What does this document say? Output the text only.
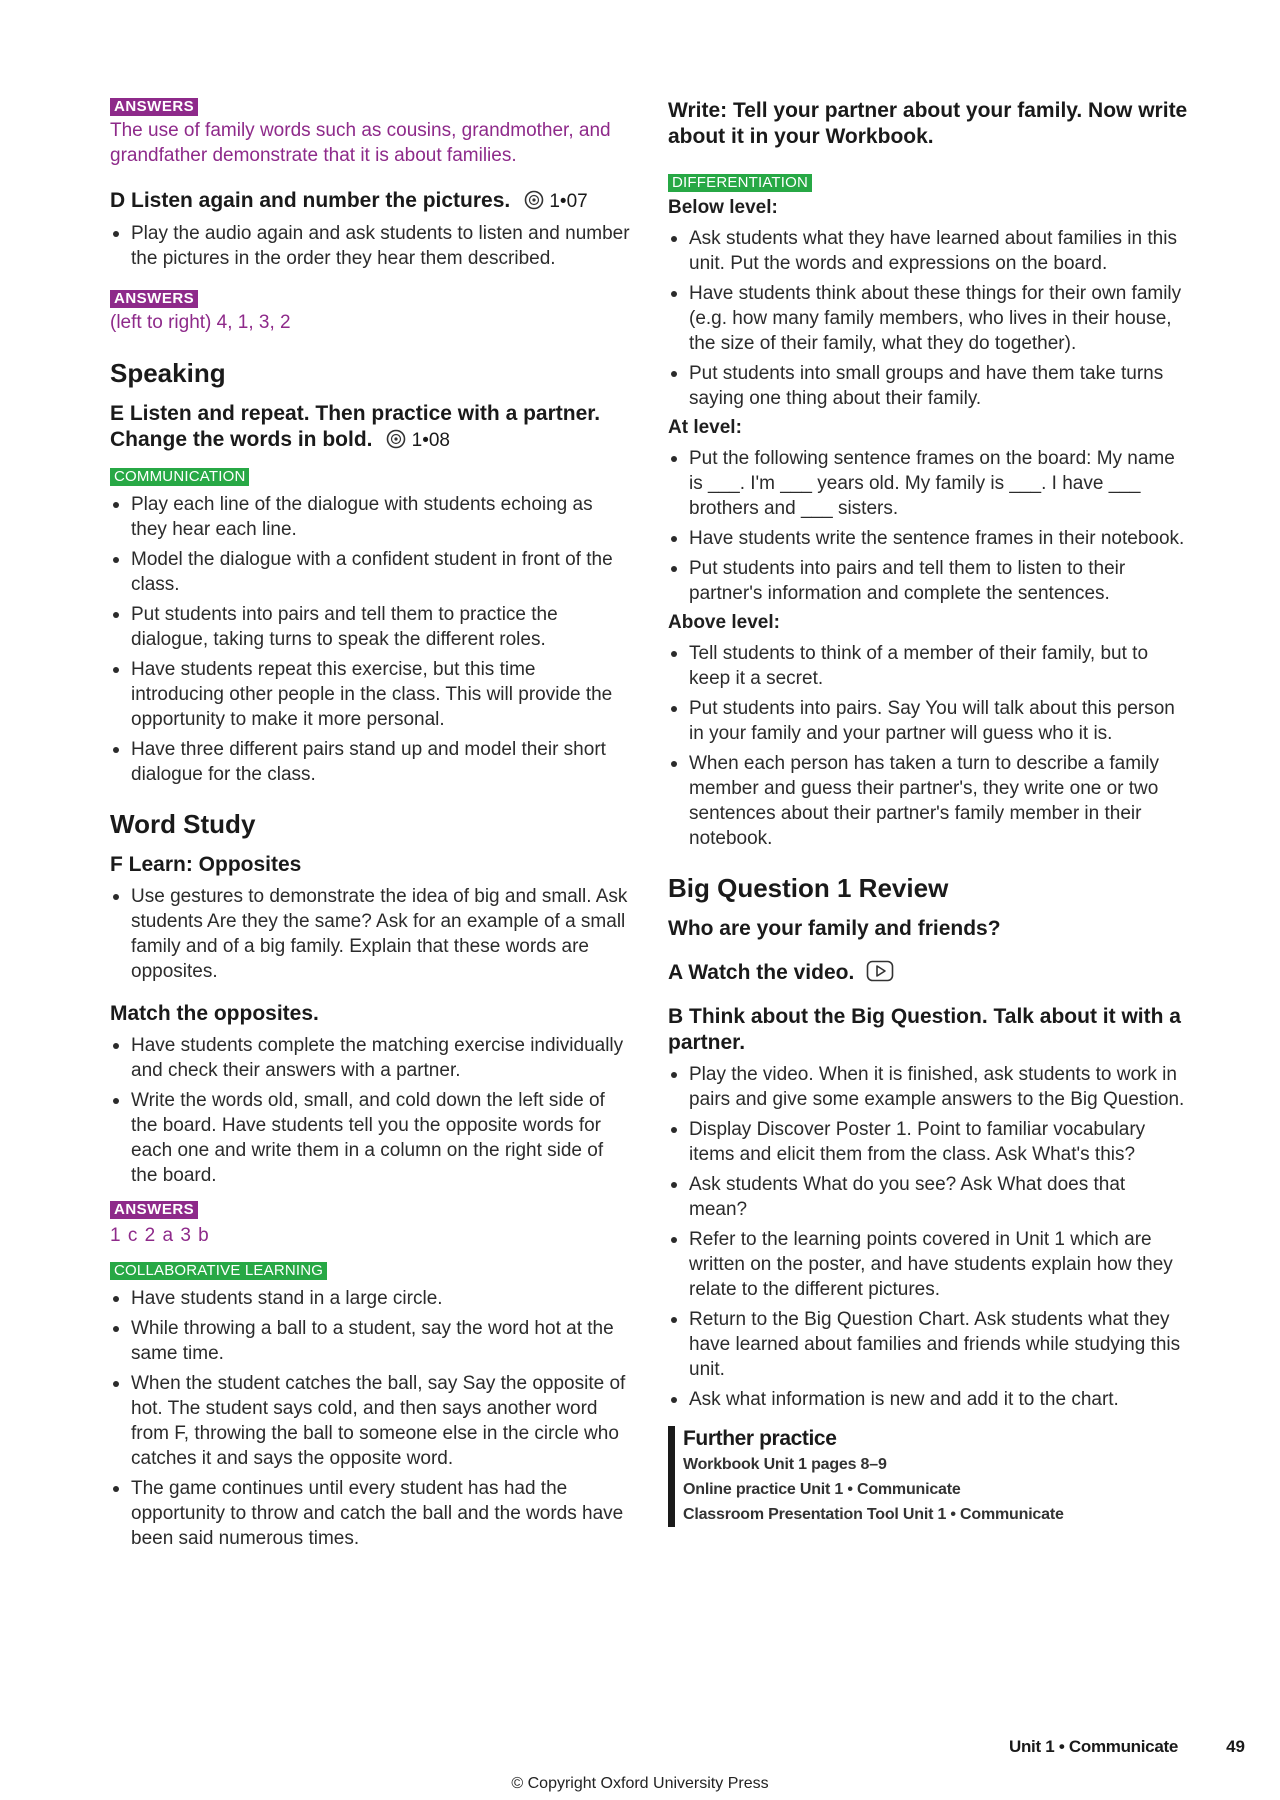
ANSWERS

The use of family words such as cousins, grandmother, and grandfather demonstrate that it is about families.

D Listen again and number the pictures. 1•07
Play the audio again and ask students to listen and number the pictures in the order they hear them described.
ANSWERS

(left to right) 4, 1, 3, 2

Speaking
E Listen and repeat. Then practice with a partner. Change the words in bold. 1•08
COMMUNICATION
Play each line of the dialogue with students echoing as they hear each line.
Model the dialogue with a confident student in front of the class.
Put students into pairs and tell them to practice the dialogue, taking turns to speak the different roles.
Have students repeat this exercise, but this time introducing other people in the class. This will provide the opportunity to make it more personal.
Have three different pairs stand up and model their short dialogue for the class.
Word Study
F Learn: Opposites
Use gestures to demonstrate the idea of big and small. Ask students Are they the same? Ask for an example of a small family and of a big family. Explain that these words are opposites.
Match the opposites.
Have students complete the matching exercise individually and check their answers with a partner.
Write the words old, small, and cold down the left side of the board. Have students tell you the opposite words for each one and write them in a column on the right side of the board.
ANSWERS

1 c 2 a 3 b

COLLABORATIVE LEARNING
Have students stand in a large circle.
While throwing a ball to a student, say the word hot at the same time.
When the student catches the ball, say Say the opposite of hot. The student says cold, and then says another word from F, throwing the ball to someone else in the circle who catches it and says the opposite word.
The game continues until every student has had the opportunity to throw and catch the ball and the words have been said numerous times.
Write: Tell your partner about your family. Now write about it in your Workbook.
DIFFERENTIATION

Below level:

Ask students what they have learned about families in this unit. Put the words and expressions on the board.
Have students think about these things for their own family (e.g. how many family members, who lives in their house, the size of their family, what they do together).
Put students into small groups and have them take turns saying one thing about their family.

At level:

Put the following sentence frames on the board: My name is ___. I'm ___ years old. My family is ___. I have ___ brothers and ___ sisters.
Have students write the sentence frames in their notebook.
Put students into pairs and tell them to listen to their partner's information and complete the sentences.

Above level:

Tell students to think of a member of their family, but to keep it a secret.
Put students into pairs. Say You will talk about this person in your family and your partner will guess who it is.
When each person has taken a turn to describe a family member and guess their partner's, they write one or two sentences about their partner's family member in their notebook.
Big Question 1 Review
Who are your family and friends?
A Watch the video.
B Think about the Big Question. Talk about it with a partner.
Play the video. When it is finished, ask students to work in pairs and give some example answers to the Big Question.
Display Discover Poster 1. Point to familiar vocabulary items and elicit them from the class. Ask What's this?
Ask students What do you see? Ask What does that mean?
Refer to the learning points covered in Unit 1 which are written on the poster, and have students explain how they relate to the different pictures.
Return to the Big Question Chart. Ask students what they have learned about families and friends while studying this unit.
Ask what information is new and add it to the chart.
Further practice
Workbook Unit 1 pages 8–9
Online practice Unit 1 • Communicate
Classroom Presentation Tool Unit 1 • Communicate
Unit 1 • Communicate	49
© Copyright Oxford University Press
